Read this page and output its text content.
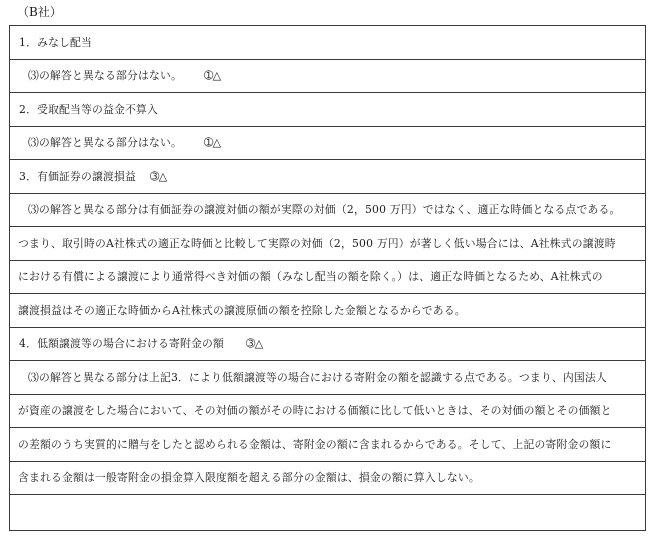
（B社）
1．みなし配当
⑶の解答と異なる部分はない。 ➀△
2．受取配当等の益金不算入
⑶の解答と異なる部分はない。 ➀△
3．有価証券の譲渡損益 ➂△
⑶の解答と異なる部分は有価証券の譲渡対価の額が実際の対価（2，500 万円）ではなく、適正な時価となる点である。
つまり、取引時のA社株式の適正な時価と比較して実際の対価（2，500 万円）が著しく低い場合には、A社株式の譲渡時
における有償による譲渡により通常得べき対価の額（みなし配当の額を除く。）は、適正な時価となるため、A社株式の
譲渡損益はその適正な時価からA社株式の譲渡原価の額を控除した金額となるからである。
4．低額譲渡等の場合における寄附金の額 ➂△
⑶の解答と異なる部分は上記3．により低額譲渡等の場合における寄附金の額を認識する点である。つまり、内国法人
が資産の譲渡をした場合において、その対価の額がその時における価額に比して低いときは、その対価の額とその価額と
の差額のうち実質的に贈与をしたと認められる金額は、寄附金の額に含まれるからである。そして、上記の寄附金の額に
含まれる金額は一般寄附金の損金算入限度額を超える部分の金額は、損金の額に算入しない。
